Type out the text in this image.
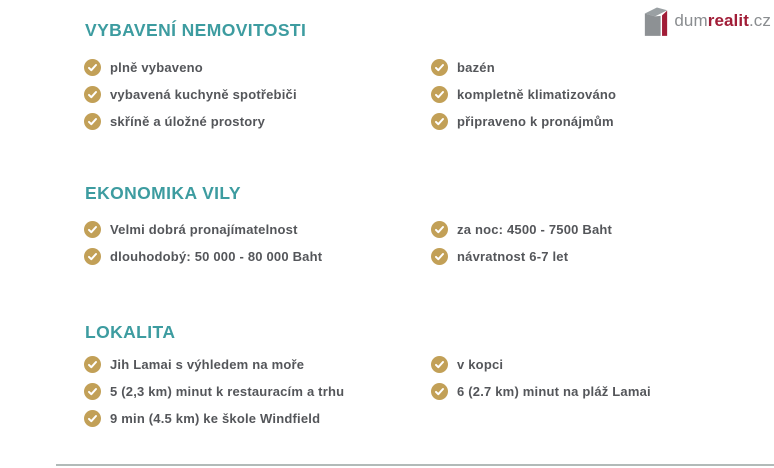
dumrealit.cz
VYBAVENÍ NEMOVITOSTI
plně vybaveno
vybavená kuchyně spotřebiči
skříně a úložné prostory
bazén
kompletně klimatizováno
připraveno k pronájmům
EKONOMIKA VILY
Velmi dobrá pronajímatelnost
dlouhodobý: 50 000 - 80 000 Baht
za noc: 4500 - 7500 Baht
návratnost 6-7 let
LOKALITA
Jih Lamai s výhledem na moře
5 (2,3 km) minut k restauracím a trhu
9 min (4.5 km) ke škole Windfield
v kopci
6 (2.7 km) minut na pláž Lamai
